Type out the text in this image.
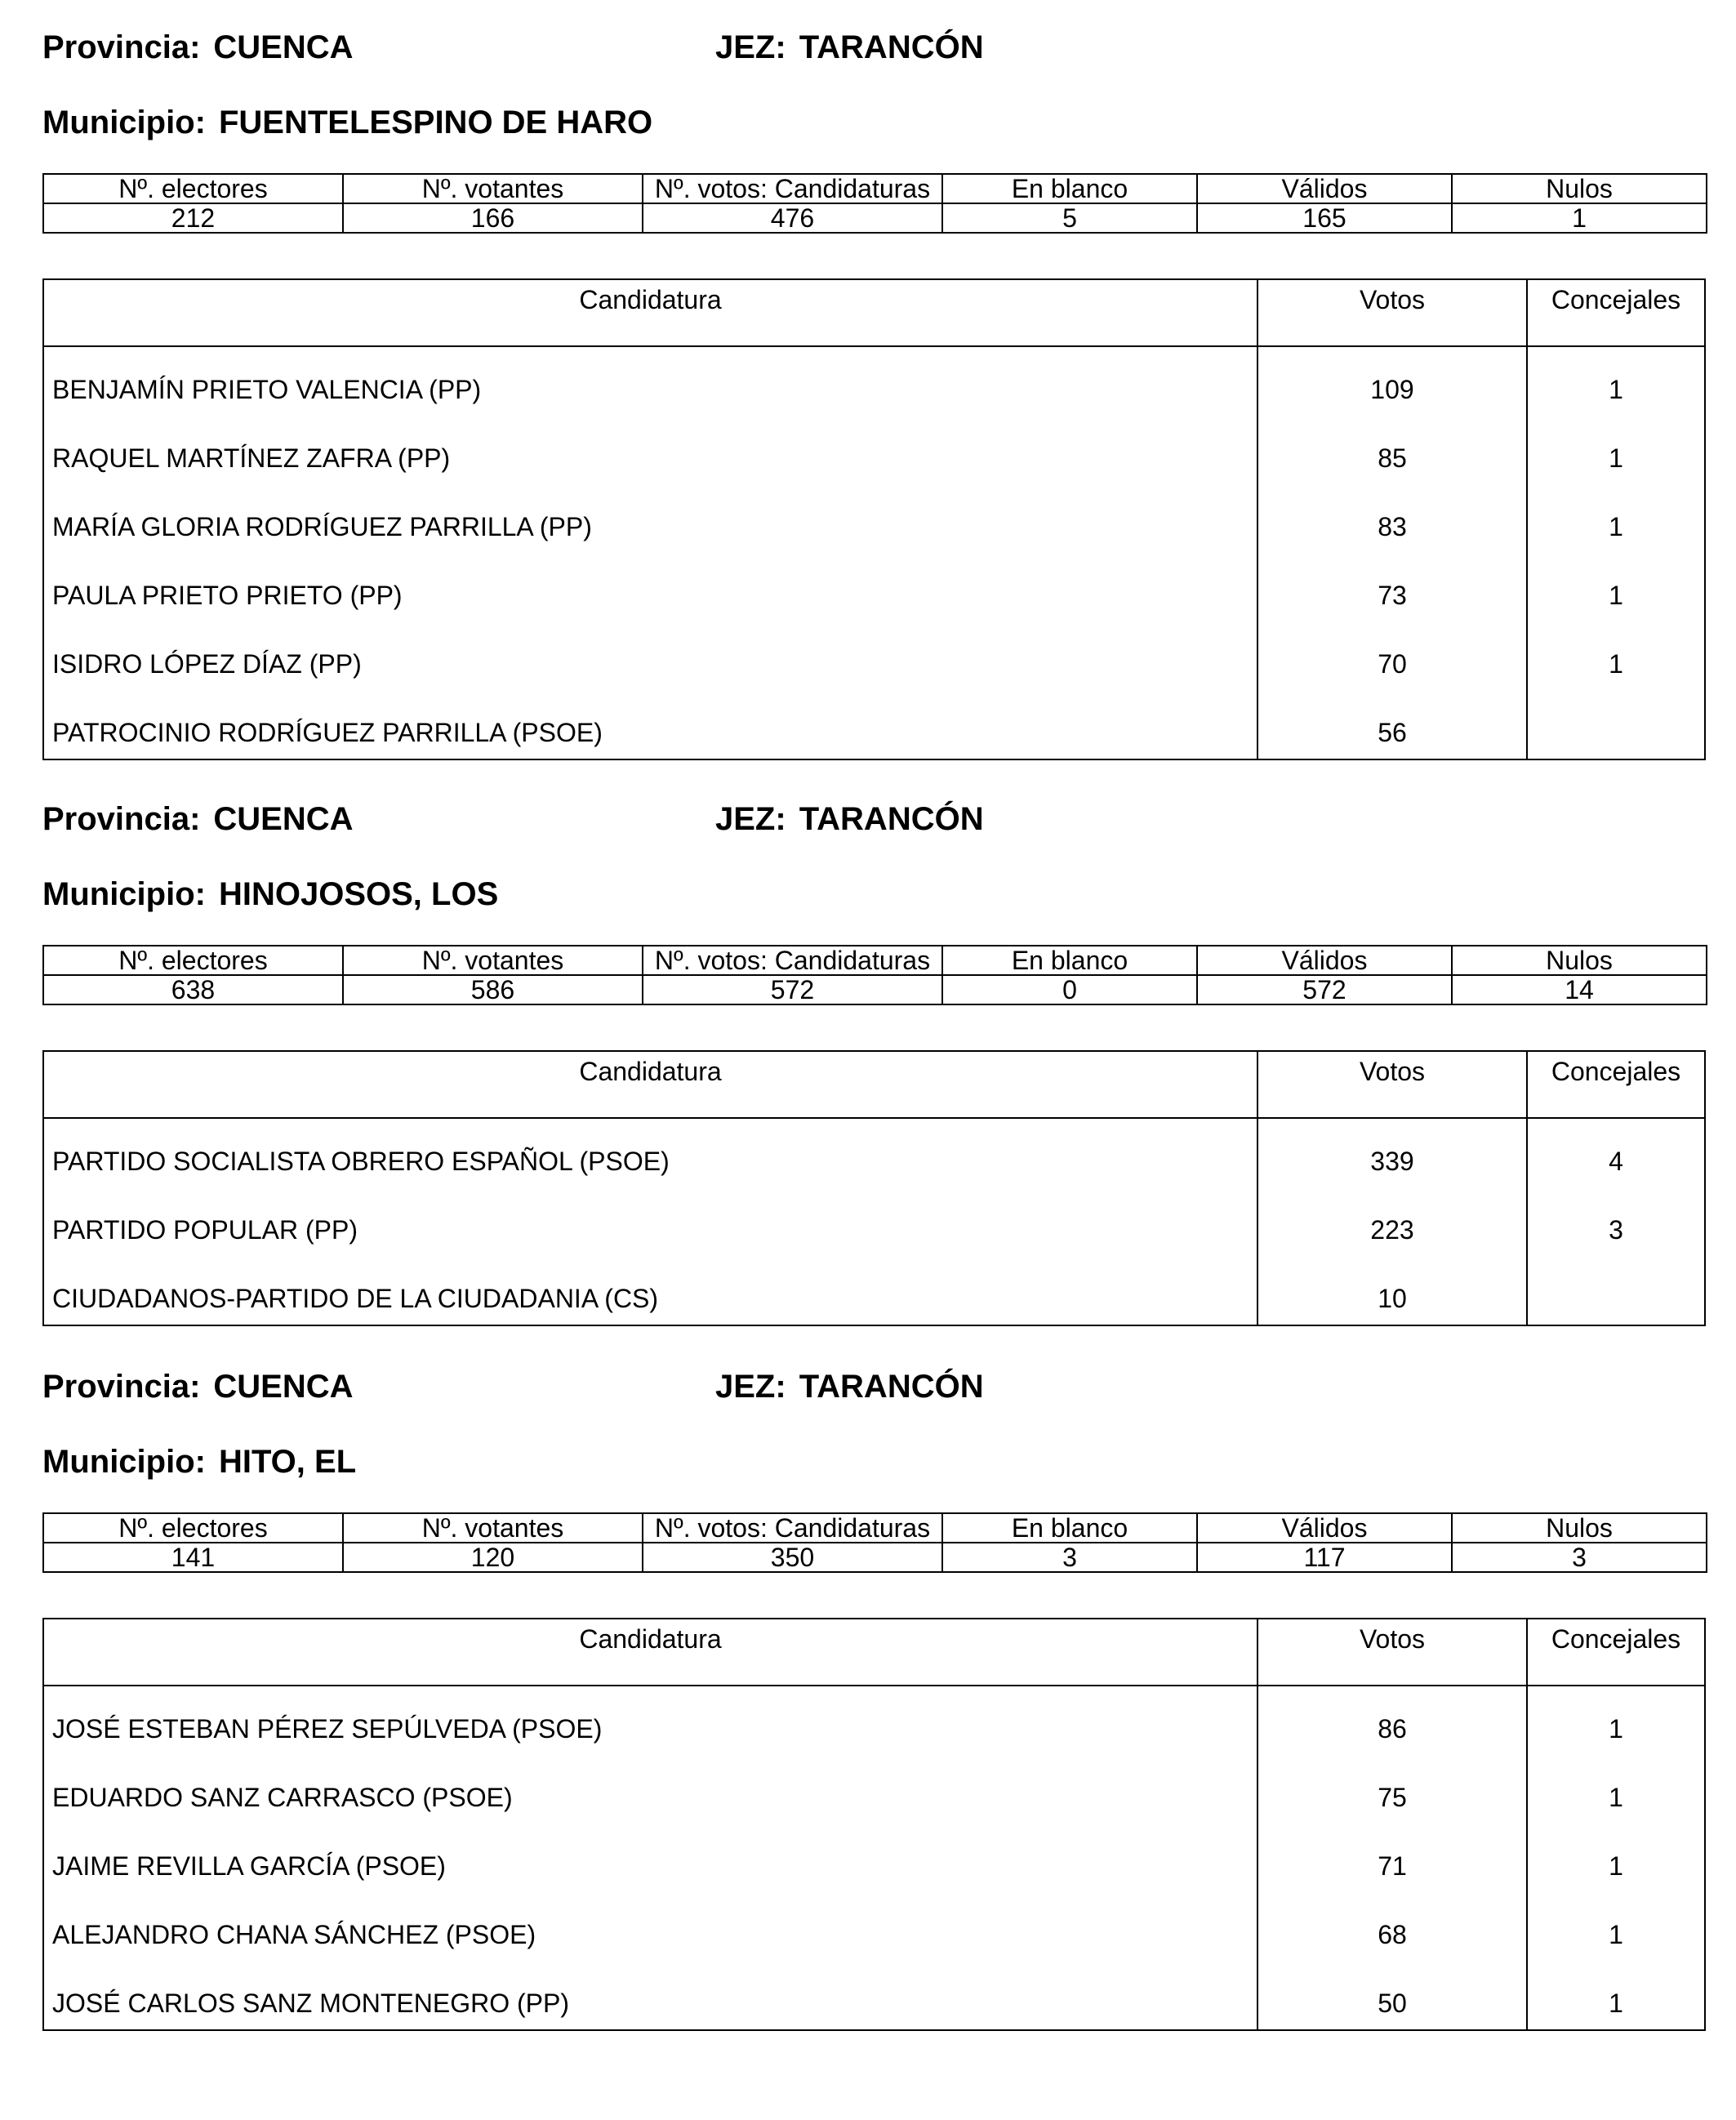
Provincia: CUENCA	JEZ: TARANCÓN
Municipio: FUENTELESPINO DE HARO
Nº. electores	Nº. votantes	Nº. votos: Candidaturas	En blanco	Válidos	Nulos
212	166	476	5	165	1
Candidatura	Votos	Concejales
BENJAMÍN PRIETO VALENCIA (PP)	109	1
RAQUEL MARTÍNEZ ZAFRA (PP)	85	1
MARÍA GLORIA RODRÍGUEZ PARRILLA (PP)	83	1
PAULA PRIETO PRIETO (PP)	73	1
ISIDRO LÓPEZ DÍAZ (PP)	70	1
PATROCINIO RODRÍGUEZ PARRILLA (PSOE)	56
Provincia: CUENCA	JEZ: TARANCÓN
Municipio: HINOJOSOS, LOS
Nº. electores	Nº. votantes	Nº. votos: Candidaturas	En blanco	Válidos	Nulos
638	586	572	0	572	14
Candidatura	Votos	Concejales
PARTIDO SOCIALISTA OBRERO ESPAÑOL (PSOE)	339	4
PARTIDO POPULAR (PP)	223	3
CIUDADANOS-PARTIDO DE LA CIUDADANIA (CS)	10
Provincia: CUENCA	JEZ: TARANCÓN
Municipio: HITO, EL
Nº. electores	Nº. votantes	Nº. votos: Candidaturas	En blanco	Válidos	Nulos
141	120	350	3	117	3
Candidatura	Votos	Concejales
JOSÉ ESTEBAN PÉREZ SEPÚLVEDA (PSOE)	86	1
EDUARDO SANZ CARRASCO (PSOE)	75	1
JAIME REVILLA GARCÍA (PSOE)	71	1
ALEJANDRO CHANA SÁNCHEZ (PSOE)	68	1
JOSÉ CARLOS SANZ MONTENEGRO (PP)	50	1
